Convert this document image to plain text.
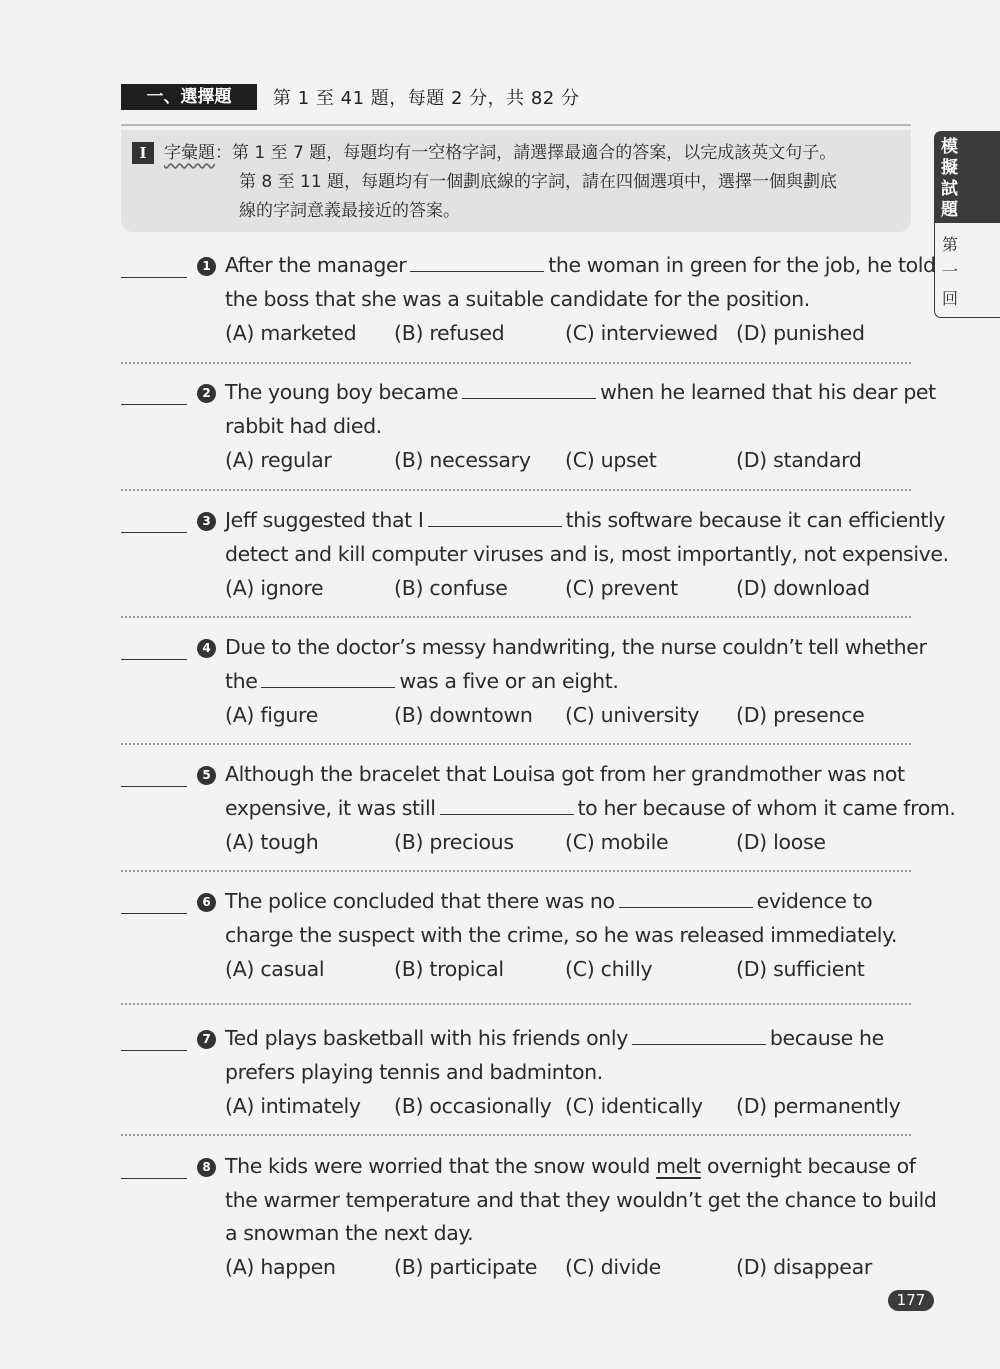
一、選擇題	第 1 至 41 題，每題 2 分，共 82 分
I	字彙題：第 1 至 7 題，每題均有一空格字詞，請選擇最適合的答案，以完成該英文句子。
第 8 至 11 題，每題均有一個劃底線的字詞，請在四個選項中，選擇一個與劃底
線的字詞意義最接近的答案。
模擬試題
第一回
1 After the manager	the woman in green for the job, he told
the boss that she was a suitable candidate for the position.
(A) marketed (B) refused	(C) interviewed (D) punished
2 The young boy became	when he learned that his dear pet
rabbit had died.
(A) regular	(B) necessary (C) upset	(D) standard
3 Jeff suggested that I	this software because it can efficiently
detect and kill computer viruses and is, most importantly, not expensive.
(A) ignore	(B) confuse	(C) prevent	(D) download
4 Due to the doctor’s messy handwriting, the nurse couldn’t tell whether
the	was a five or an eight.
(A) figure	(B) downtown (C) university (D) presence
5 Although the bracelet that Louisa got from her grandmother was not
expensive, it was still	to her because of whom it came from.
(A) tough	(B) precious (C) mobile	(D) loose
6 The police concluded that there was no	evidence to
charge the suspect with the crime, so he was released immediately.
(A) casual	(B) tropical	(C) chilly	(D) sufficient
7 Ted plays basketball with his friends only	because he
prefers playing tennis and badminton.
(A) intimately (B) occasionally (C) identically (D) permanently
8 The kids were worried that the snow would melt overnight because of
the warmer temperature and that they wouldn’t get the chance to build
a snowman the next day.
(A) happen	(B) participate (C) divide	(D) disappear
177
